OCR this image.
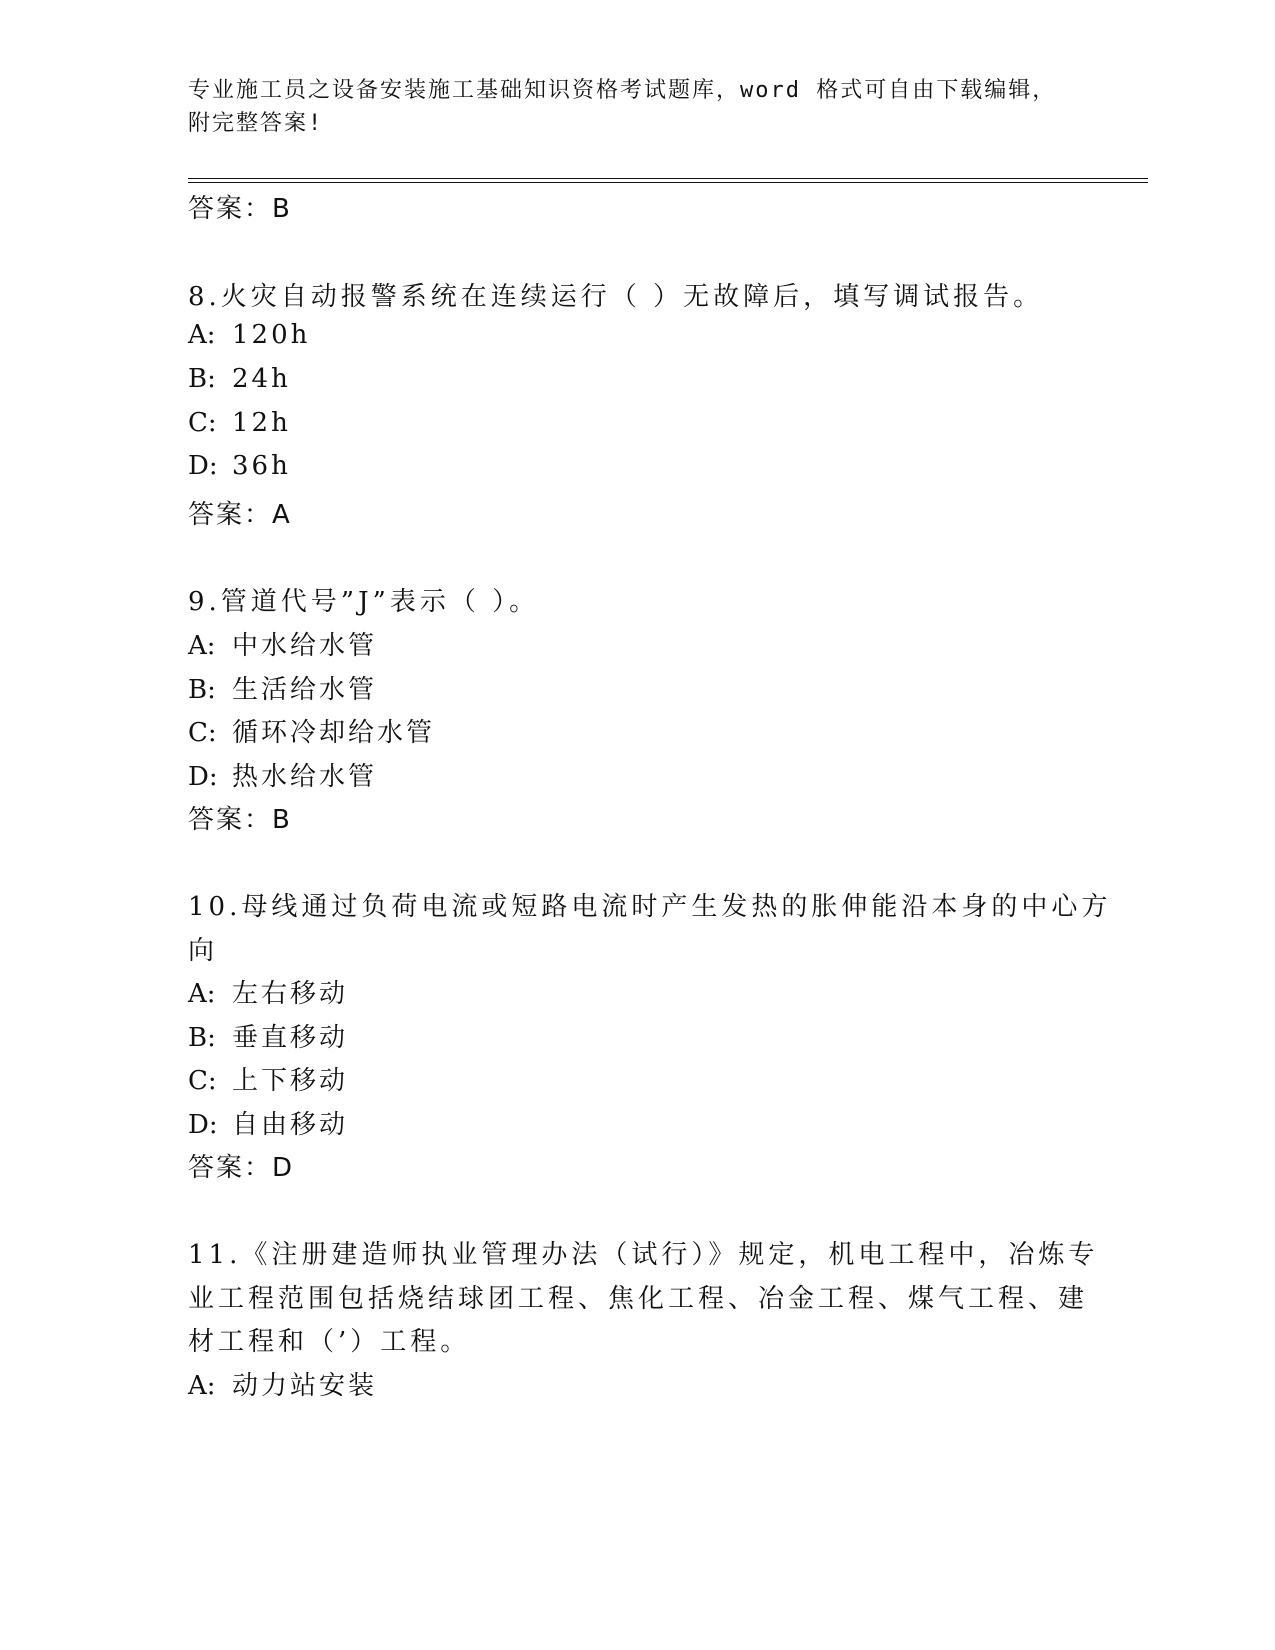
专业施工员之设备安装施工基础知识资格考试题库，word 格式可自由下载编辑，
附完整答案!
答案：B
8.火灾自动报警系统在连续运行（ ）无故障后，填写调试报告。
A: 120h
B: 24h
C: 12h
D: 36h
答案：A
9.管道代号”J”表示（ ）。
A: 中水给水管
B: 生活给水管
C: 循环冷却给水管
D: 热水给水管
答案：B
10.母线通过负荷电流或短路电流时产生发热的胀伸能沿本身的中心方
向
A: 左右移动
B: 垂直移动
C: 上下移动
D: 自由移动
答案：D
11.《注册建造师执业管理办法（试行）》规定，机电工程中，冶炼专
业工程范围包括烧结球团工程、焦化工程、冶金工程、煤气工程、建
材工程和（’）工程。
A: 动力站安装
